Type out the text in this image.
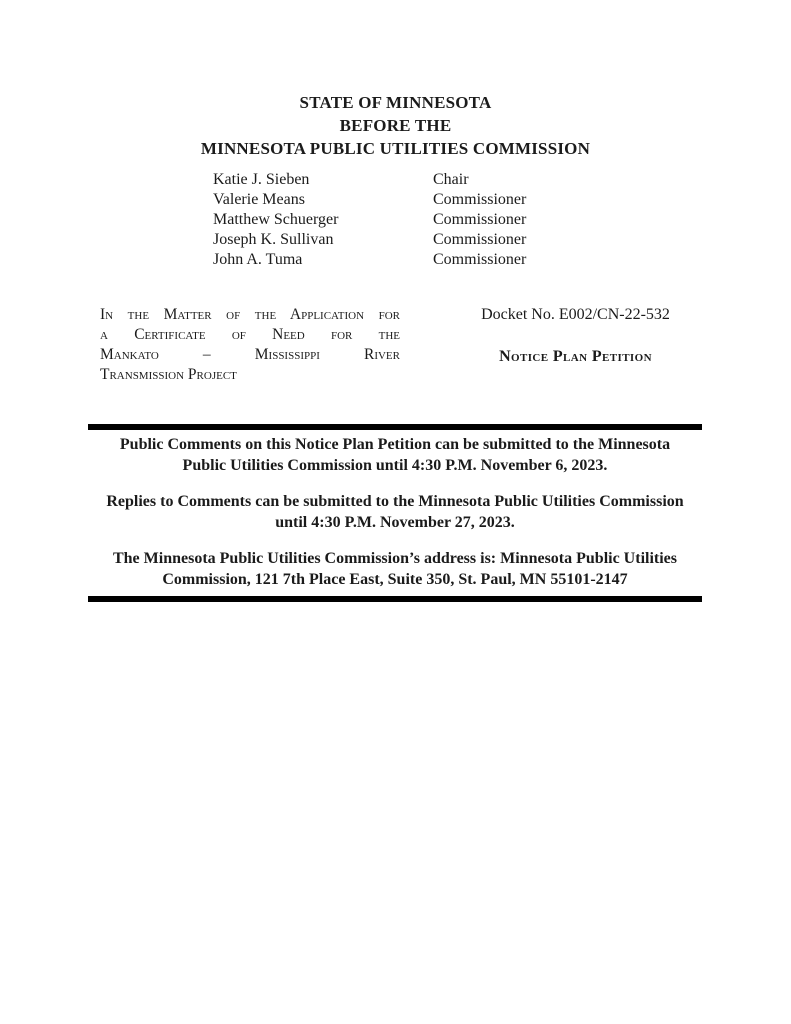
STATE OF MINNESOTA
BEFORE THE
MINNESOTA PUBLIC UTILITIES COMMISSION
Katie J. Sieben	Chair
Valerie Means	Commissioner
Matthew Schuerger	Commissioner
Joseph K. Sullivan	Commissioner
John A. Tuma	Commissioner
In the Matter of the Application for
a Certificate of Need for the
Mankato – Mississippi River
Transmission Project
Docket No. E002/CN-22-532
Notice Plan Petition

Public Comments on this Notice Plan Petition can be submitted to the Minnesota Public Utilities Commission until 4:30 P.M. November 6, 2023.

Replies to Comments can be submitted to the Minnesota Public Utilities Commission until 4:30 P.M. November 27, 2023.

The Minnesota Public Utilities Commission’s address is: Minnesota Public Utilities Commission, 121 7th Place East, Suite 350, St. Paul, MN 55101-2147
